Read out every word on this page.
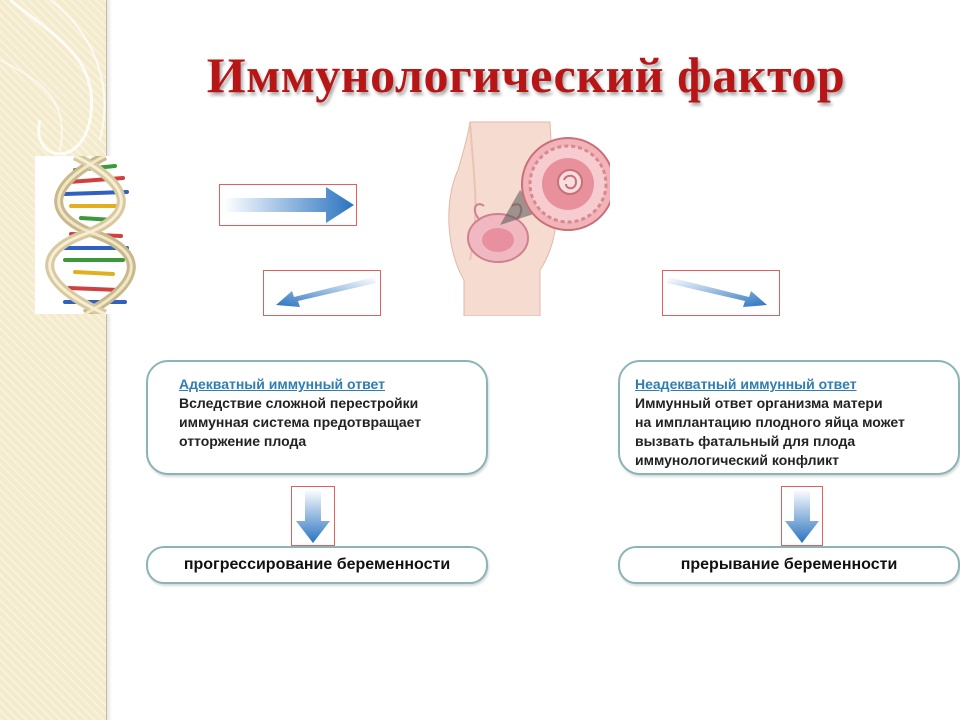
Иммунологический фактор
Адекватный иммунный ответ
Вследствие сложной перестройки
иммунная система предотвращает
отторжение плода
Неадекватный иммунный ответ
Иммунный ответ организма матери
на имплантацию плодного яйца может
вызвать фатальный для плода
иммунологический конфликт
прогрессирование беременности	прерывание беременности
